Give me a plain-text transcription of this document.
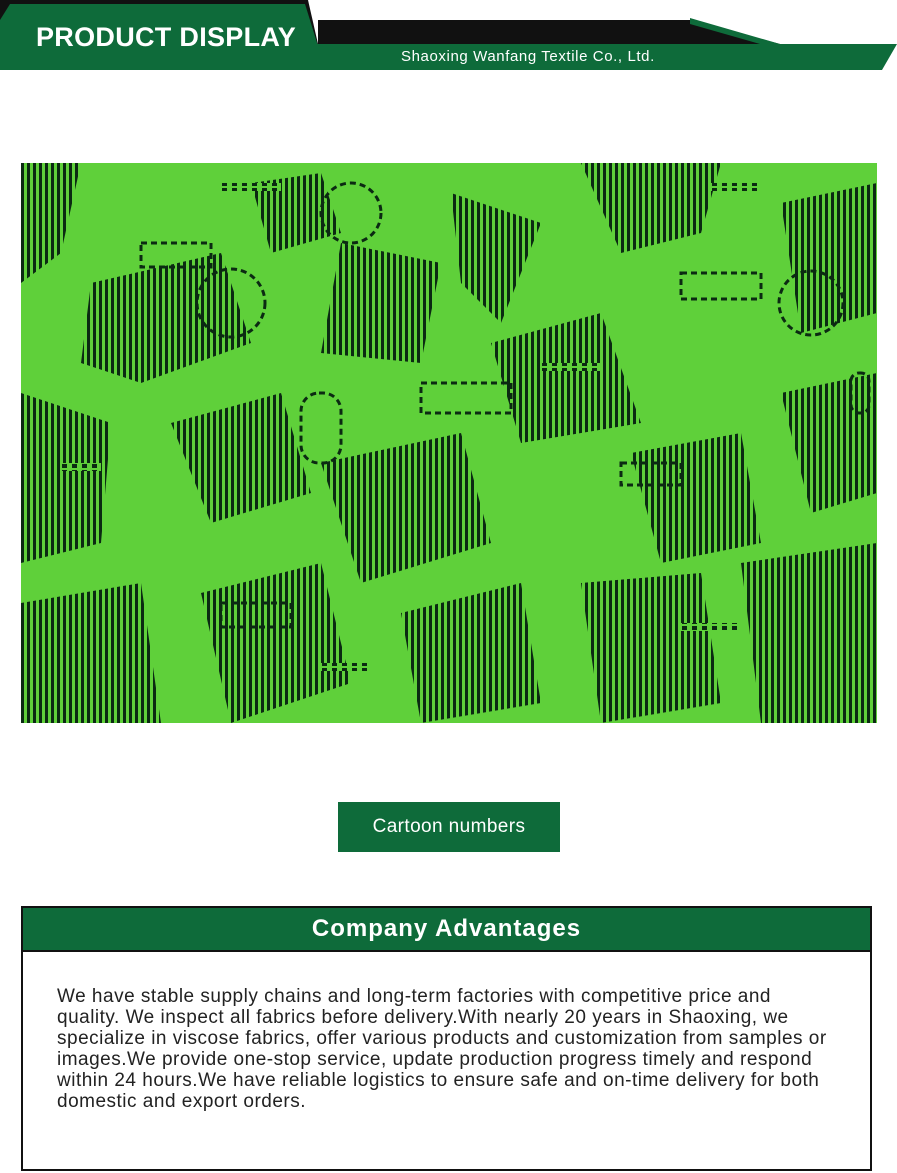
PRODUCT DISPLAY
Shaoxing Wanfang Textile Co., Ltd.
Cartoon numbers
Company Advantages
We have stable supply chains and long-term factories with competitive price and quality. We inspect all fabrics before delivery.With nearly 20 years in Shaoxing, we specialize in viscose fabrics, offer various products and customization from samples or images.We provide one-stop service, update production progress timely and respond within 24 hours.We have reliable logistics to ensure safe and on-time delivery for both domestic and export orders.
